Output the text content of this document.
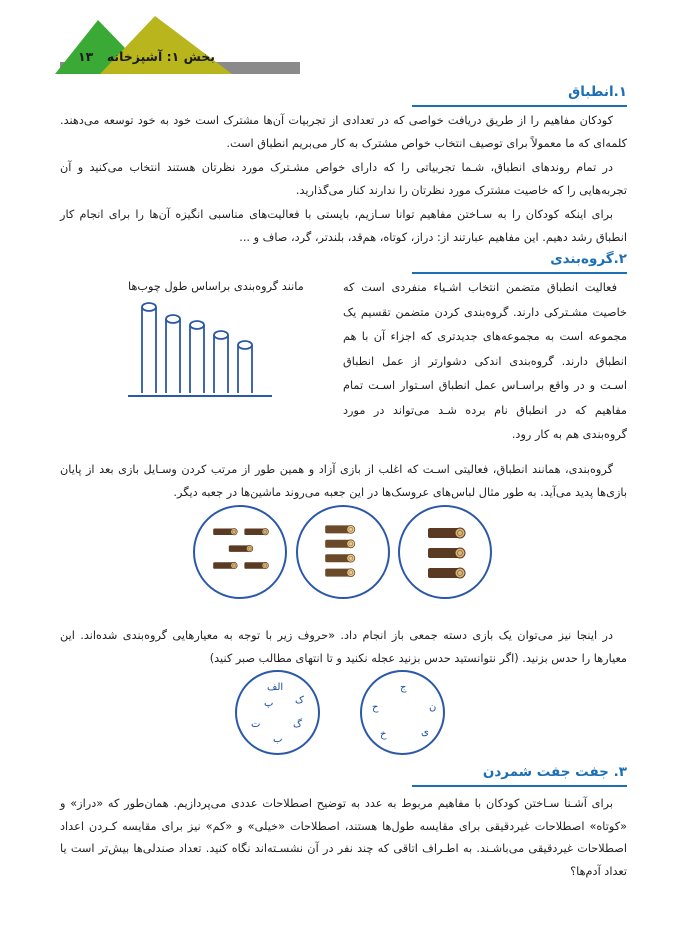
بخش ۱: آشپزخانه
۱۳
۱.انطباق
کودکان مفاهیم را از طریق دریافت خواصی که در تعدادی از تجربیات آن‌ها مشترک است خود به خود توسعه می‌دهند. کلمه‌ای که ما معمولاً برای توصیف انتخاب خواص مشترک به کار می‌بریم انطباق است.
در تمام روندهای انطباق، شـما تجربیاتی را که دارای خواص مشـترک مورد نظرتان هستند انتخاب می‌کنید و آن تجربه‌هایی را که خاصیت مشترک مورد نظرتان را ندارند کنار می‌گذارید.
برای اینکه کودکان را به سـاختن مفاهیم توانا سـازیم، بایستی با فعالیت‌های مناسبی انگیزه آن‌ها را برای انجام کار انطباق رشد دهیم. این مفاهیم عبارتند از: دراز، کوتاه، هم‌قد، بلندتر، گرد، صاف و ...
۲.گروه‌بندی
فعالیت انطباق متضمن انتخاب اشـیاء منفردی است که خاصیت مشـترکی دارند. گروه‌بندی کردن متضمن تقسیم یک مجموعه است به مجموعه‌های جدیدتری که اجزاء آن با هم انطباق دارند. گروه‌بندی اندکی دشوارتر از عمل انطباق اسـت و در واقع براسـاس عمل انطباق اسـتوار اسـت تمام مفاهیم که در انطباق نام برده شـد می‌تواند در مورد گروه‌بندی هم به کار رود.
مانند گروه‌بندی براساس طول چوب‌ها
گروه‌بندی، همانند انطباق، فعالیتی اسـت که اغلب از بازی آزاد و همین طور از مرتب کردن وسـایل بازی بعد از پایان بازی‌ها پدید می‌آید. به طور مثال لباس‌های عروسک‌ها در این جعبه می‌روند ماشین‌ها در جعبه دیگر.
در اینجا نیز می‌توان یک بازی دسته جمعی باز انجام داد. «حروف زیر با توجه به معیارهایی گروه‌بندی شده‌اند. این معیارها را حدس بزنید. (اگر نتوانستید حدس بزنید عجله نکنید و تا انتهای مطالب صبر کنید)
ج
ح	ن
خ	ی
الف
پ ک
ت	گ
ب
۳. جفت جفت شمردن
برای آشـنا سـاختن کودکان با مفاهیم مربوط به عدد به توضیح اصطلاحات عددی می‌پردازیم. همان‌طور که «دراز» و «کوتاه» اصطلاحات غیردقیقی برای مقایسه طول‌ها هستند، اصطلاحات «خیلی» و «کم» نیز برای مقایسه کـردن اعداد اصطلاحات غیردقیقی می‌باشـند. به اطـراف اتاقی که چند نفر در آن نشسـته‌اند نگاه کنید. تعداد صندلی‌ها بیش‌تر است یا تعداد آدم‌ها؟
